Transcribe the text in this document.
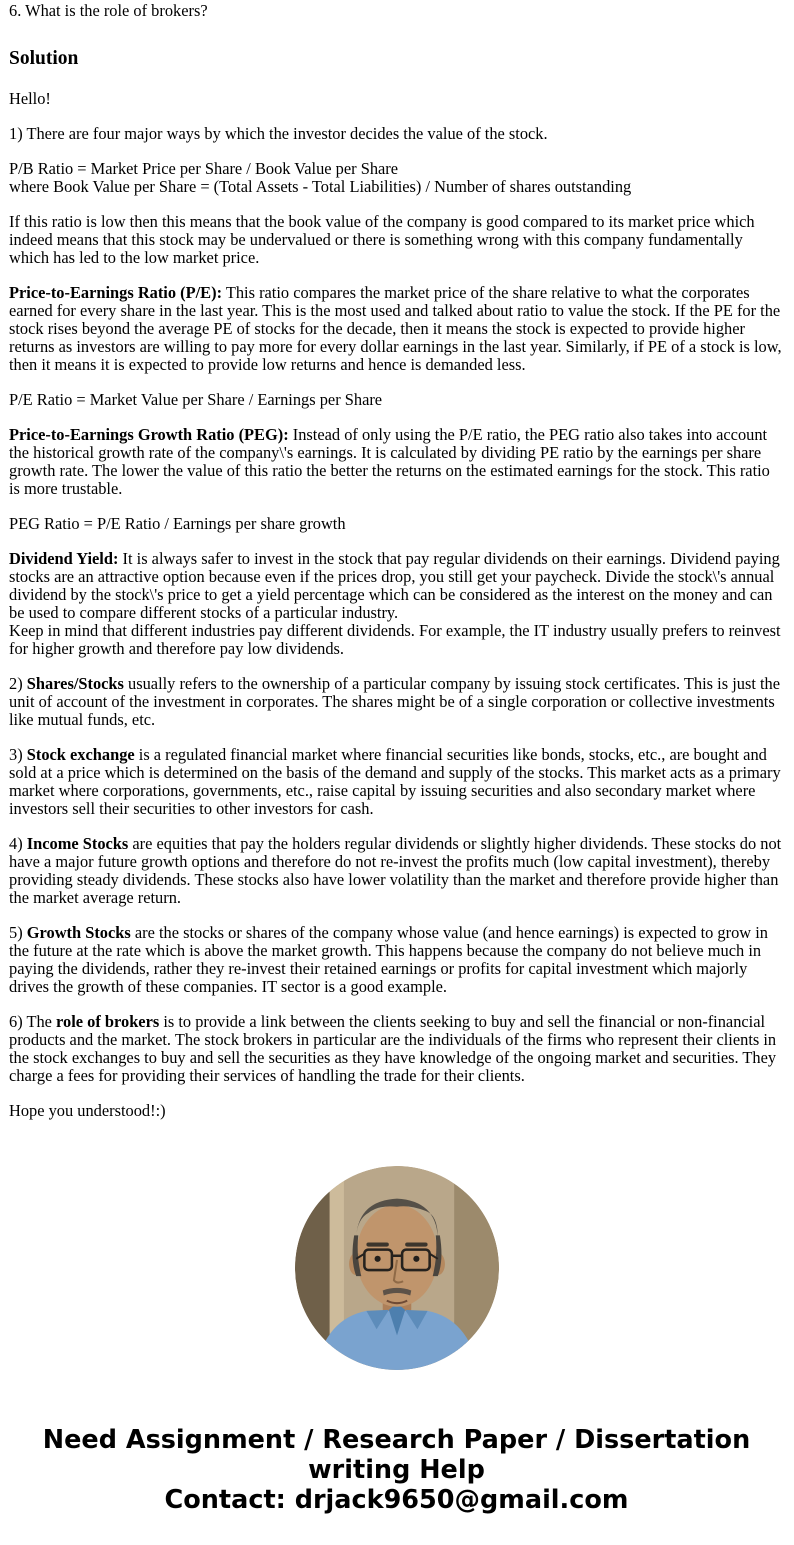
6. What is the role of brokers?

Solution

Hello!

1) There are four major ways by which the investor decides the value of the stock.

P/B Ratio = Market Price per Share / Book Value per Share
where Book Value per Share = (Total Assets - Total Liabilities) / Number of shares outstanding

If this ratio is low then this means that the book value of the company is good compared to its market price which indeed means that this stock may be undervalued or there is something wrong with this company fundamentally which has led to the low market price.

Price-to-Earnings Ratio (P/E): This ratio compares the market price of the share relative to what the corporates earned for every share in the last year. This is the most used and talked about ratio to value the stock. If the PE for the stock rises beyond the average PE of stocks for the decade, then it means the stock is expected to provide higher returns as investors are willing to pay more for every dollar earnings in the last year. Similarly, if PE of a stock is low, then it means it is expected to provide low returns and hence is demanded less.

P/E Ratio = Market Value per Share / Earnings per Share

Price-to-Earnings Growth Ratio (PEG): Instead of only using the P/E ratio, the PEG ratio also takes into account the historical growth rate of the company\'s earnings. It is calculated by dividing PE ratio by the earnings per share growth rate. The lower the value of this ratio the better the returns on the estimated earnings for the stock. This ratio is more trustable.

PEG Ratio = P/E Ratio / Earnings per share growth

Dividend Yield: It is always safer to invest in the stock that pay regular dividends on their earnings. Dividend paying stocks are an attractive option because even if the prices drop, you still get your paycheck. Divide the stock\'s annual dividend by the stock\'s price to get a yield percentage which can be considered as the interest on the money and can be used to compare different stocks of a particular industry.
Keep in mind that different industries pay different dividends. For example, the IT industry usually prefers to reinvest for higher growth and therefore pay low dividends.

2) Shares/Stocks usually refers to the ownership of a particular company by issuing stock certificates. This is just the unit of account of the investment in corporates. The shares might be of a single corporation or collective investments like mutual funds, etc.

3) Stock exchange is a regulated financial market where financial securities like bonds, stocks, etc., are bought and sold at a price which is determined on the basis of the demand and supply of the stocks. This market acts as a primary market where corporations, governments, etc., raise capital by issuing securities and also secondary market where investors sell their securities to other investors for cash.

4) Income Stocks are equities that pay the holders regular dividends or slightly higher dividends. These stocks do not have a major future growth options and therefore do not re-invest the profits much (low capital investment), thereby providing steady dividends. These stocks also have lower volatility than the market and therefore provide higher than the market average return.

5) Growth Stocks are the stocks or shares of the company whose value (and hence earnings) is expected to grow in the future at the rate which is above the market growth. This happens because the company do not believe much in paying the dividends, rather they re-invest their retained earnings or profits for capital investment which majorly drives the growth of these companies. IT sector is a good example.

6) The role of brokers is to provide a link between the clients seeking to buy and sell the financial or non-financial products and the market. The stock brokers in particular are the individuals of the firms who represent their clients in the stock exchanges to buy and sell the securities as they have knowledge of the ongoing market and securities. They charge a fees for providing their services of handling the trade for their clients.

Hope you understood!:)

Need Assignment / Research Paper / Dissertation writing Help
Contact: drjack9650@gmail.com
